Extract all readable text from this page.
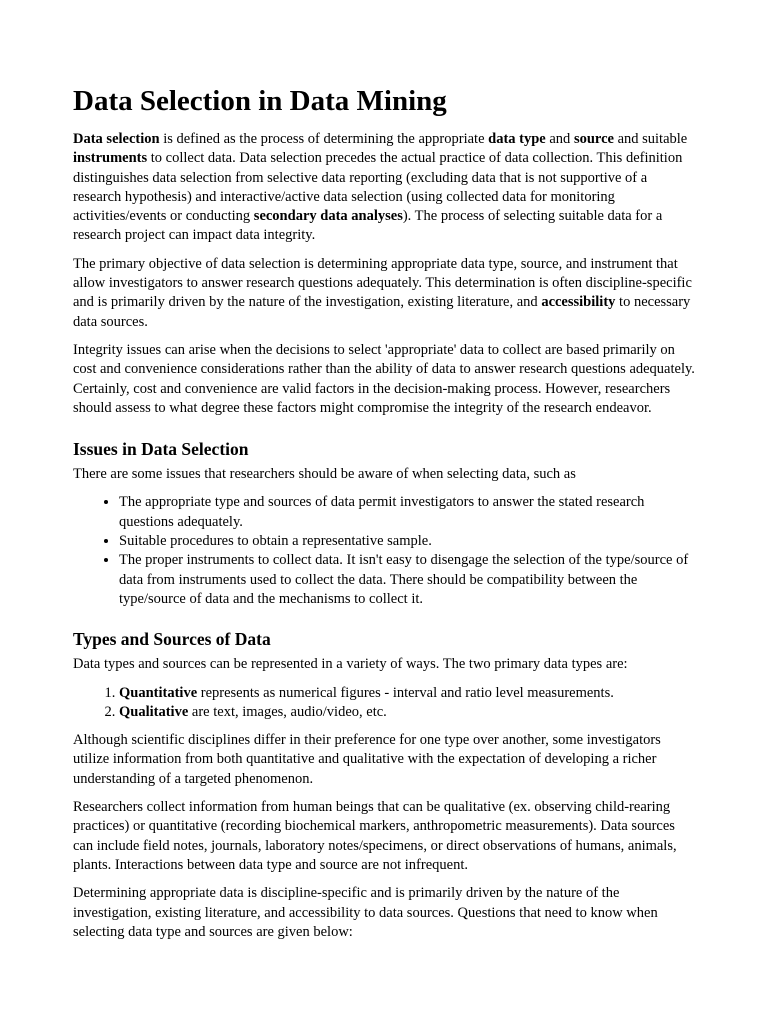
Data Selection in Data Mining

Data selection is defined as the process of determining the appropriate data type and source and suitable instruments to collect data. Data selection precedes the actual practice of data collection. This definition distinguishes data selection from selective data reporting (excluding data that is not supportive of a research hypothesis) and interactive/active data selection (using collected data for monitoring activities/events or conducting secondary data analyses). The process of selecting suitable data for a research project can impact data integrity.

The primary objective of data selection is determining appropriate data type, source, and instrument that allow investigators to answer research questions adequately. This determination is often discipline-specific and is primarily driven by the nature of the investigation, existing literature, and accessibility to necessary data sources.

Integrity issues can arise when the decisions to select 'appropriate' data to collect are based primarily on cost and convenience considerations rather than the ability of data to answer research questions adequately. Certainly, cost and convenience are valid factors in the decision-making process. However, researchers should assess to what degree these factors might compromise the integrity of the research endeavor.

Issues in Data Selection

There are some issues that researchers should be aware of when selecting data, such as

• The appropriate type and sources of data permit investigators to answer the stated research questions adequately.
• Suitable procedures to obtain a representative sample.
• The proper instruments to collect data. It isn't easy to disengage the selection of the type/source of data from instruments used to collect the data. There should be compatibility between the type/source of data and the mechanisms to collect it.
Types and Sources of Data

Data types and sources can be represented in a variety of ways. The two primary data types are:

1. Quantitative represents as numerical figures - interval and ratio level measurements.
2. Qualitative are text, images, audio/video, etc.

Although scientific disciplines differ in their preference for one type over another, some investigators utilize information from both quantitative and qualitative with the expectation of developing a richer understanding of a targeted phenomenon.

Researchers collect information from human beings that can be qualitative (ex. observing child-rearing practices) or quantitative (recording biochemical markers, anthropometric measurements). Data sources can include field notes, journals, laboratory notes/specimens, or direct observations of humans, animals, plants. Interactions between data type and source are not infrequent.

Determining appropriate data is discipline-specific and is primarily driven by the nature of the investigation, existing literature, and accessibility to data sources. Questions that need to know when selecting data type and sources are given below:
